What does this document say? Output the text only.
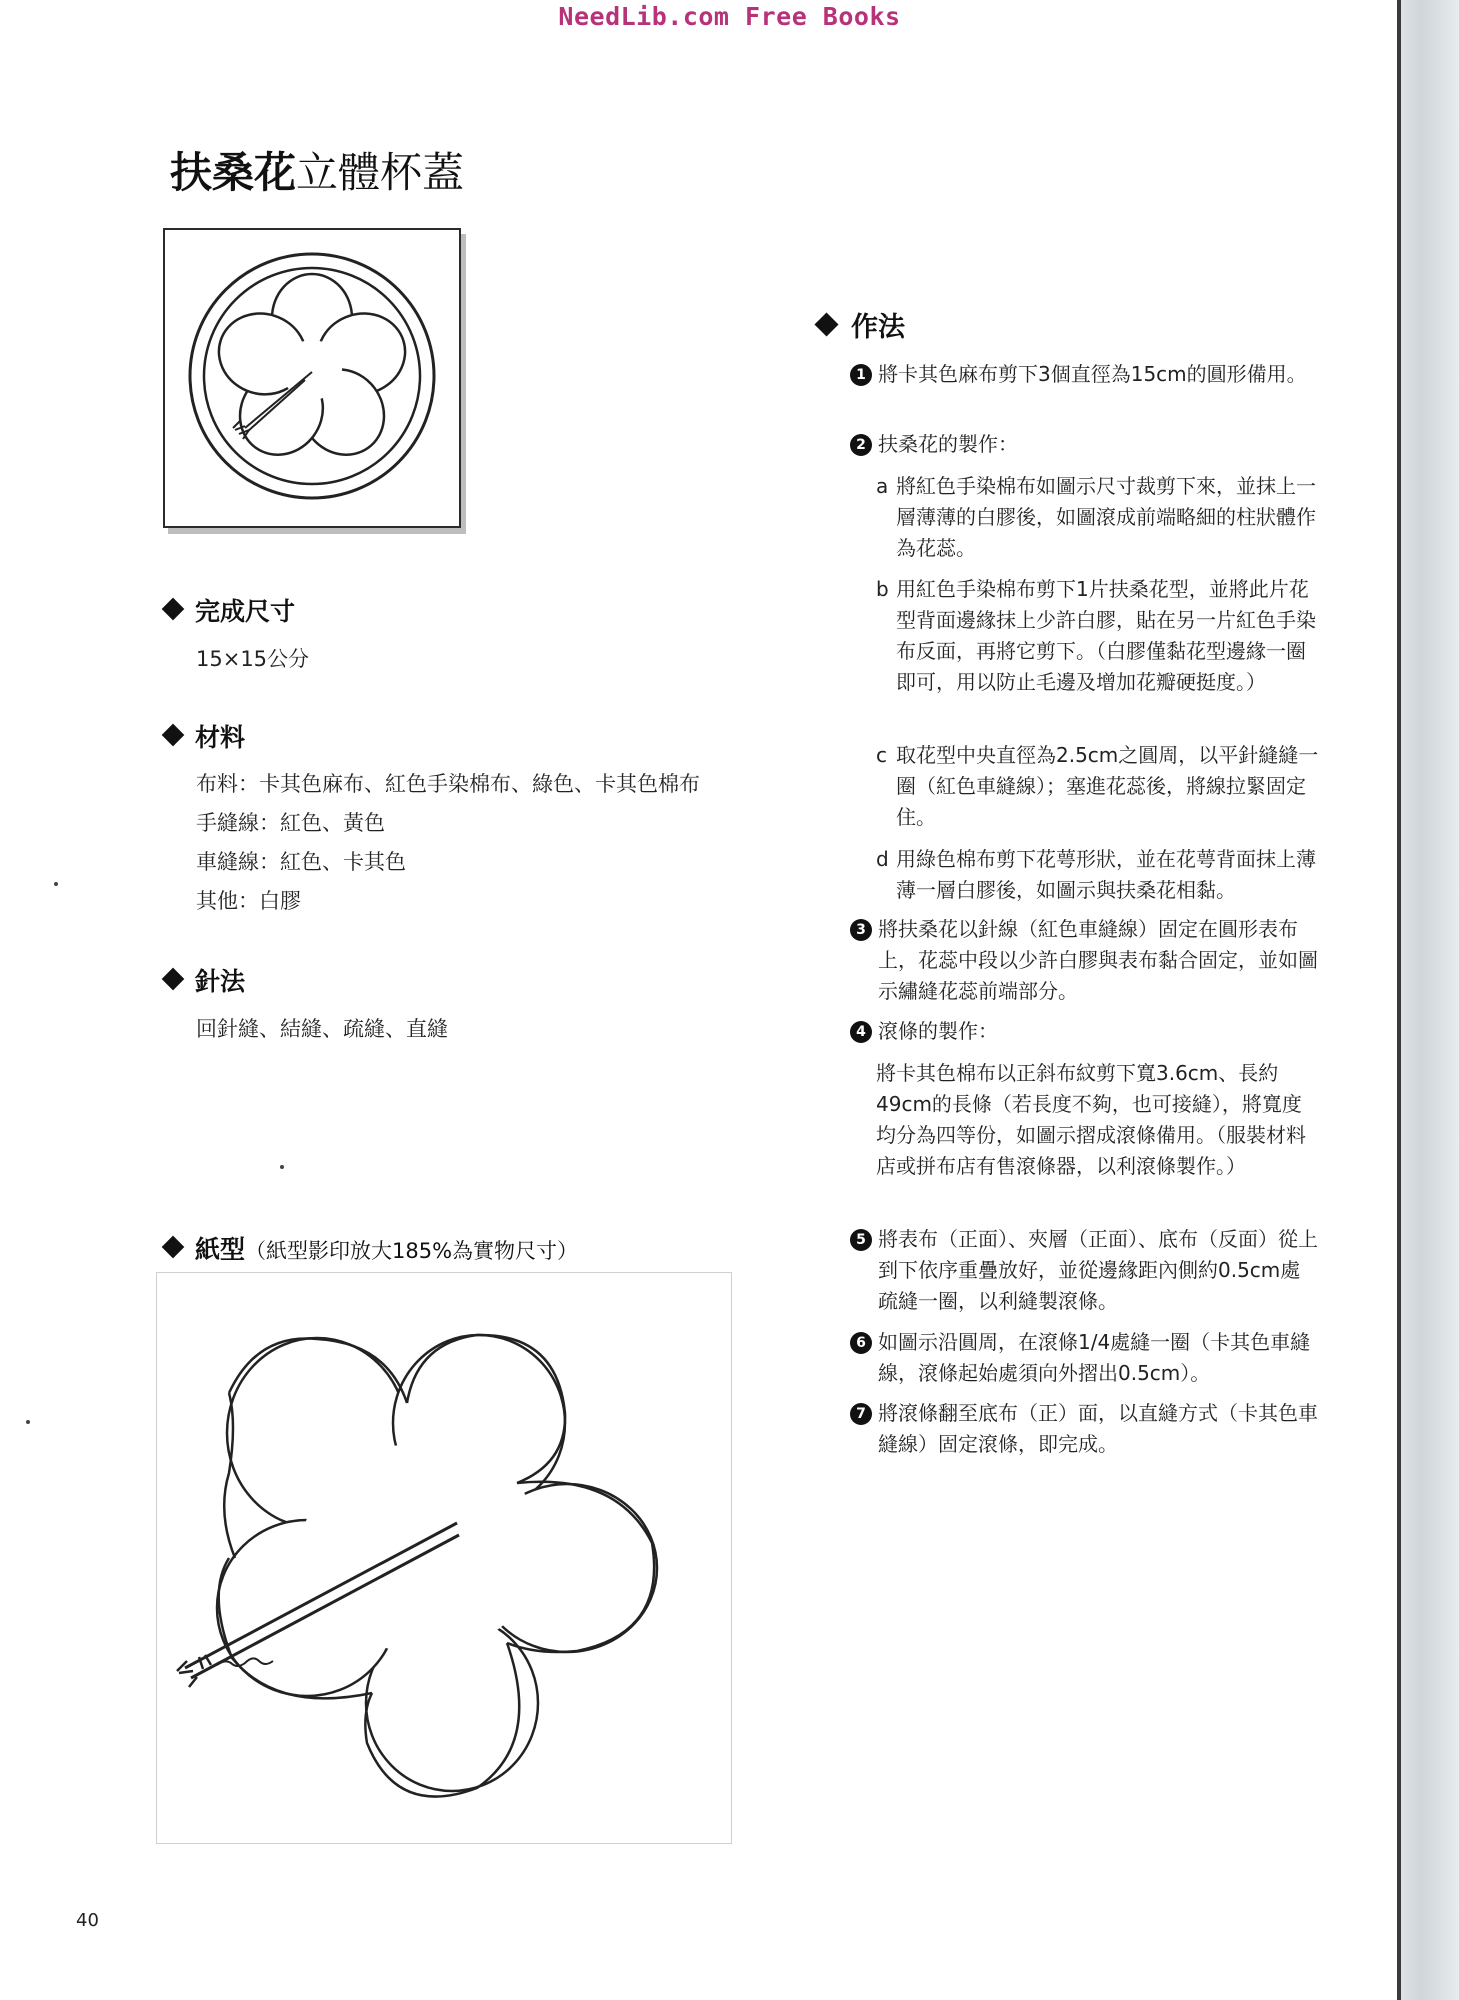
NeedLib.com Free Books
扶桑花立體杯蓋
完成尺寸
15×15公分
材料
布料：卡其色麻布、紅色手染棉布、綠色、卡其色棉布
手縫線：紅色、黃色
車縫線：紅色、卡其色
其他：白膠
針法
回針縫、結縫、疏縫、直縫
紙型（紙型影印放大185%為實物尺寸）
作法
1 將卡其色麻布剪下3個直徑為15cm的圓形備用。
2 扶桑花的製作：
a 將紅色手染棉布如圖示尺寸裁剪下來，並抹上一層薄薄的白膠後，如圖滾成前端略細的柱狀體作為花蕊。
b 用紅色手染棉布剪下1片扶桑花型，並將此片花型背面邊緣抹上少許白膠，貼在另一片紅色手染布反面，再將它剪下。（白膠僅黏花型邊緣一圈即可，用以防止毛邊及增加花瓣硬挺度。）
c 取花型中央直徑為2.5cm之圓周，以平針縫縫一圈（紅色車縫線）；塞進花蕊後，將線拉緊固定住。
d 用綠色棉布剪下花萼形狀，並在花萼背面抹上薄薄一層白膠後，如圖示與扶桑花相黏。
3 將扶桑花以針線（紅色車縫線）固定在圓形表布上，花蕊中段以少許白膠與表布黏合固定，並如圖示繡縫花蕊前端部分。
4 滾條的製作：
將卡其色棉布以正斜布紋剪下寬3.6cm、長約49cm的長條（若長度不夠，也可接縫），將寬度均分為四等份，如圖示摺成滾條備用。（服裝材料店或拼布店有售滾條器，以利滾條製作。）
5 將表布（正面）、夾層（正面）、底布（反面）從上到下依序重疊放好，並從邊緣距內側約0.5cm處疏縫一圈，以利縫製滾條。
6 如圖示沿圓周，在滾條1/4處縫一圈（卡其色車縫線，滾條起始處須向外摺出0.5cm）。
7 將滾條翻至底布（正）面，以直縫方式（卡其色車縫線）固定滾條，即完成。
40
